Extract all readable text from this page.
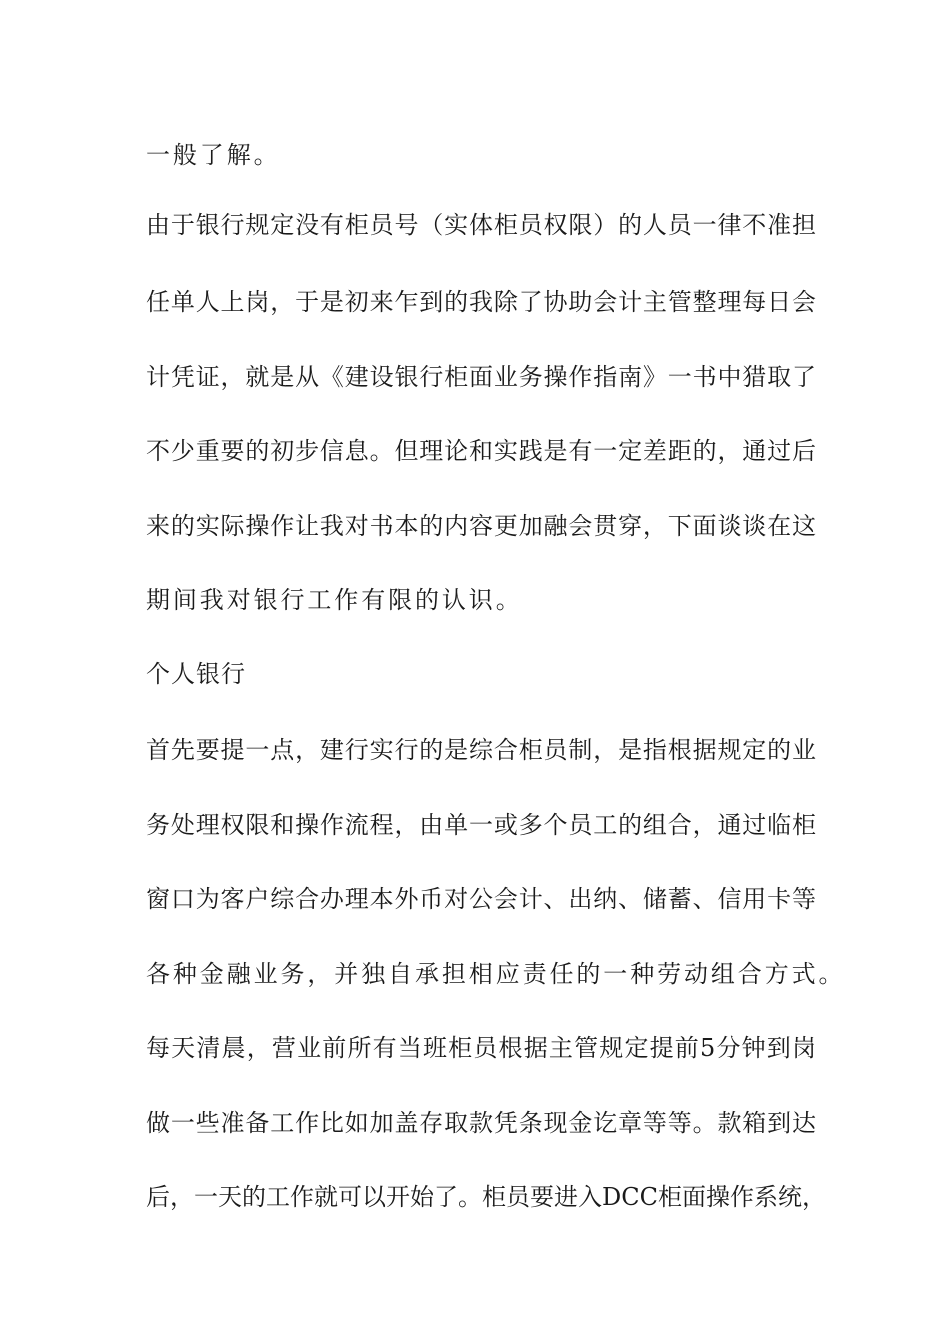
一般了解。

由于银行规定没有柜员号（实体柜员权限）的人员一律不准担

任单人上岗，于是初来乍到的我除了协助会计主管整理每日会

计凭证，就是从《建设银行柜面业务操作指南》一书中猎取了

不少重要的初步信息。但理论和实践是有一定差距的，通过后

来的实际操作让我对书本的内容更加融会贯穿，下面谈谈在这

期间我对银行工作有限的认识。

个人银行

首先要提一点，建行实行的是综合柜员制，是指根据规定的业

务处理权限和操作流程，由单一或多个员工的组合，通过临柜

窗口为客户综合办理本外币对公会计、出纳、储蓄、信用卡等

各种金融业务，并独自承担相应责任的一种劳动组合方式。

每天清晨，营业前所有当班柜员根据主管规定提前5分钟到岗

做一些准备工作比如加盖存取款凭条现金讫章等等。款箱到达

后，一天的工作就可以开始了。柜员要进入DCC柜面操作系统，
